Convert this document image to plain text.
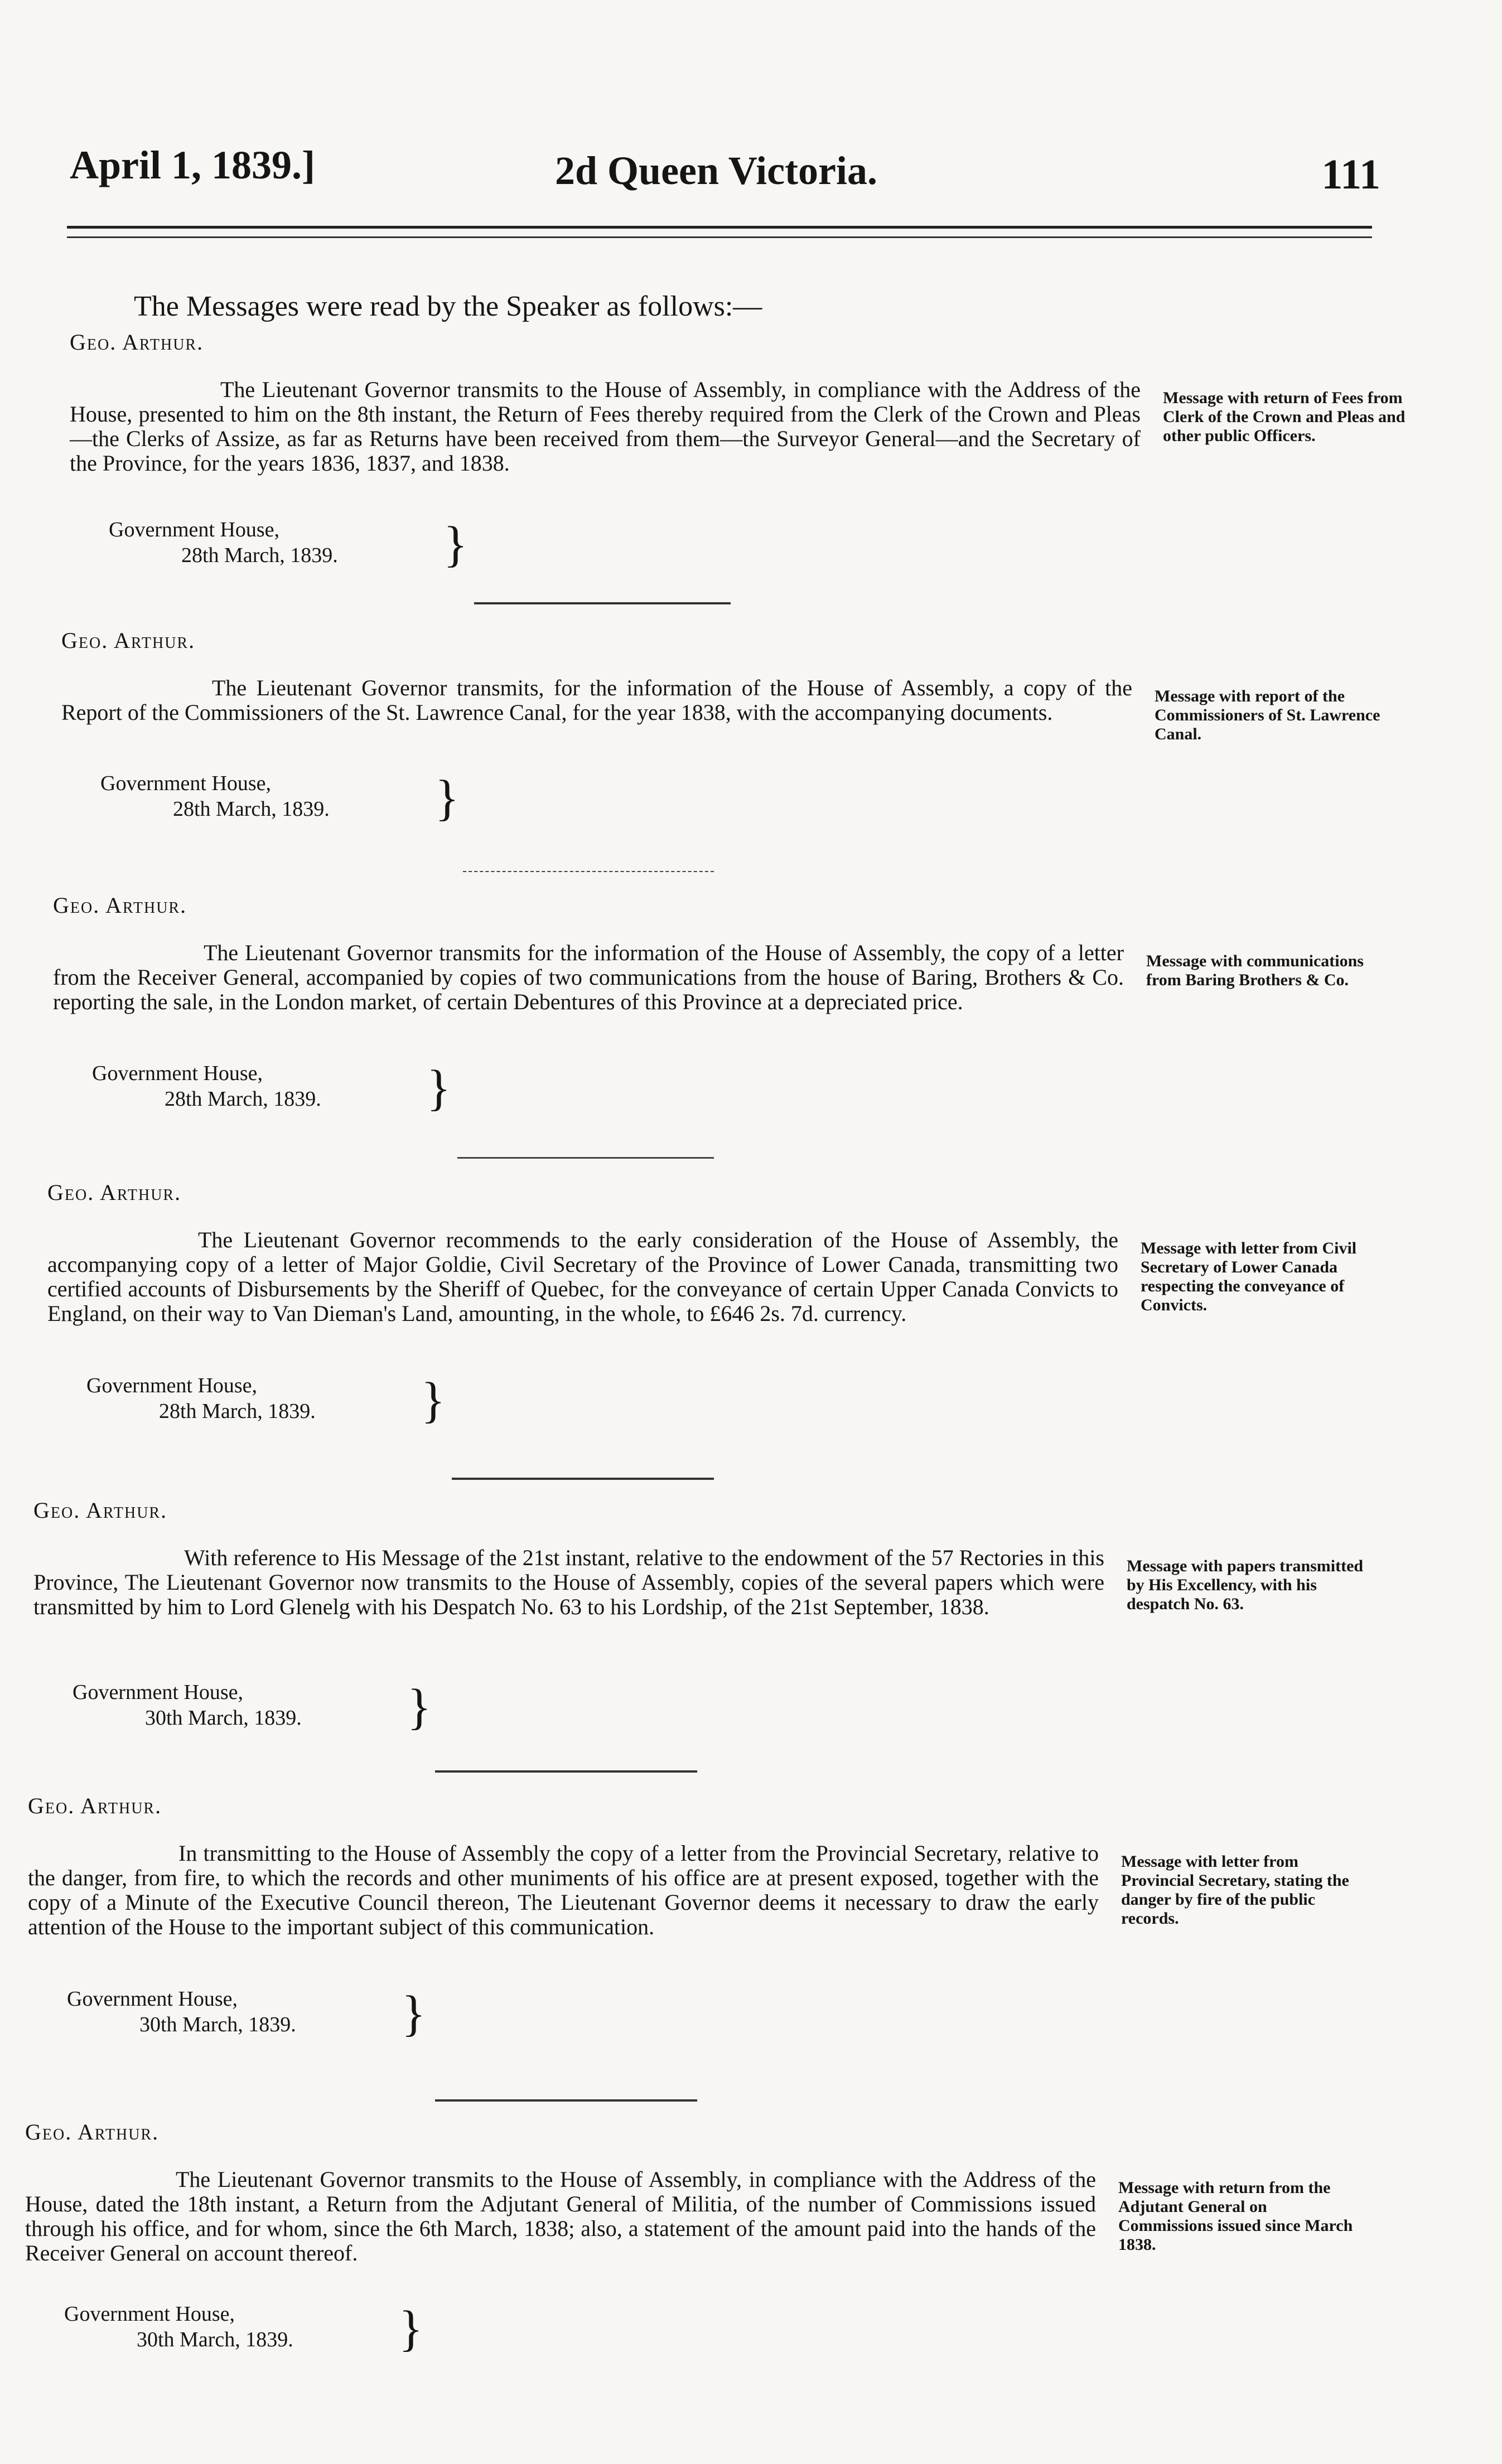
April 1, 1839.]	2d Queen Victoria.	111
The Messages were read by the Speaker as follows:—
Geo. Arthur.
The Lieutenant Governor transmits to the House of Assembly, in compliance with the Address of the House, presented to him on the 8th instant, the Return of Fees thereby required from the Clerk of the Crown and Pleas—the Clerks of Assize, as far as Returns have been received from them—the Surveyor General—and the Secretary of the Province, for the years 1836, 1837, and 1838.
Message with return of Fees from Clerk of the Crown and Pleas and other public Officers.
Government House,
28th March, 1839.	}
Geo. Arthur.
The Lieutenant Governor transmits, for the information of the House of Assembly, a copy of the Report of the Commissioners of the St. Lawrence Canal, for the year 1838, with the accompanying documents.
Message with report of the Commissioners of St. Lawrence Canal.
Government House,
28th March, 1839.	}
Geo. Arthur.
The Lieutenant Governor transmits for the information of the House of Assembly, the copy of a letter from the Receiver General, accompanied by copies of two communications from the house of Baring, Brothers & Co. reporting the sale, in the London market, of certain Debentures of this Province at a depreciated price.
Message with communications from Baring Brothers & Co.
Government House,
28th March, 1839.	}
Geo. Arthur.
The Lieutenant Governor recommends to the early consideration of the House of Assembly, the accompanying copy of a letter of Major Goldie, Civil Secretary of the Province of Lower Canada, transmitting two certified accounts of Disbursements by the Sheriff of Quebec, for the conveyance of certain Upper Canada Convicts to England, on their way to Van Dieman's Land, amounting, in the whole, to £646 2s. 7d. currency.
Message with letter from Civil Secretary of Lower Canada respecting the conveyance of Convicts.
Government House,
28th March, 1839.	}
Geo. Arthur.
With reference to His Message of the 21st instant, relative to the endowment of the 57 Rectories in this Province, The Lieutenant Governor now transmits to the House of Assembly, copies of the several papers which were transmitted by him to Lord Glenelg with his Despatch No. 63 to his Lordship, of the 21st September, 1838.
Message with papers transmitted by His Excellency, with his despatch No. 63.
Government House,
30th March, 1839.	}
Geo. Arthur.
In transmitting to the House of Assembly the copy of a letter from the Provincial Secretary, relative to the danger, from fire, to which the records and other muniments of his office are at present exposed, together with the copy of a Minute of the Executive Council thereon, The Lieutenant Governor deems it necessary to draw the early attention of the House to the important subject of this communication.
Message with letter from Provincial Secretary, stating the danger by fire of the public records.
Government House,
30th March, 1839.	}
Geo. Arthur.
The Lieutenant Governor transmits to the House of Assembly, in compliance with the Address of the House, dated the 18th instant, a Return from the Adjutant General of Militia, of the number of Commissions issued through his office, and for whom, since the 6th March, 1838; also, a statement of the amount paid into the hands of the Receiver General on account thereof.
Message with return from the Adjutant General on Commissions issued since March 1838.
Government House,
30th March, 1839.	}
